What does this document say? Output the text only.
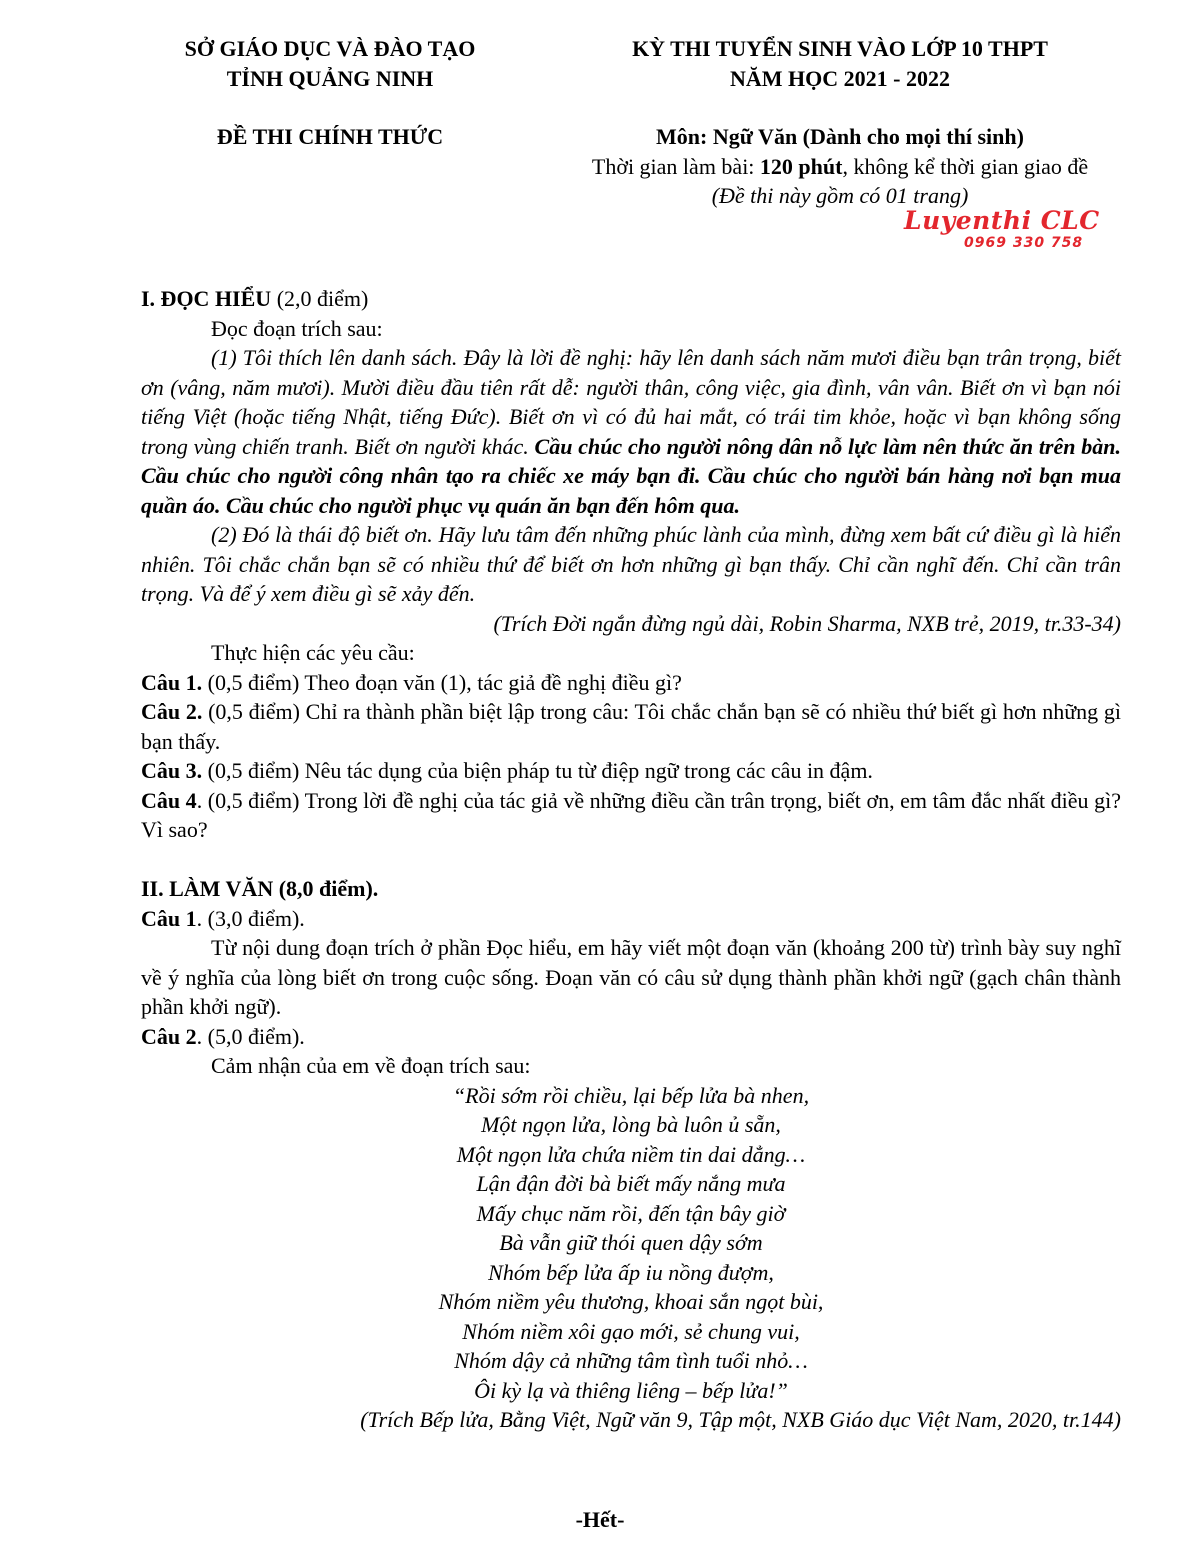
SỞ GIÁO DỤC VÀ ĐÀO TẠO
TỈNH QUẢNG NINH
KỲ THI TUYỂN SINH VÀO LỚP 10 THPT
NĂM HỌC 2021 - 2022
ĐỀ THI CHÍNH THỨC	Môn: Ngữ Văn (Dành cho mọi thí sinh)
Thời gian làm bài: 120 phút, không kể thời gian giao đề
(Đề thi này gồm có 01 trang)
Luyenthi CLC
0969 330 758

I. ĐỌC HIỂU (2,0 điểm)

Đọc đoạn trích sau:

(1) Tôi thích lên danh sách. Đây là lời đề nghị: hãy lên danh sách năm mươi điều bạn trân trọng, biết ơn (vâng, năm mươi). Mười điều đầu tiên rất dễ: người thân, công việc, gia đình, vân vân. Biết ơn vì bạn nói tiếng Việt (hoặc tiếng Nhật, tiếng Đức). Biết ơn vì có đủ hai mắt, có trái tim khỏe, hoặc vì bạn không sống trong vùng chiến tranh. Biết ơn người khác. Cầu chúc cho người nông dân nỗ lực làm nên thức ăn trên bàn. Cầu chúc cho người công nhân tạo ra chiếc xe máy bạn đi. Cầu chúc cho người bán hàng nơi bạn mua quần áo. Cầu chúc cho người phục vụ quán ăn bạn đến hôm qua.

(2) Đó là thái độ biết ơn. Hãy lưu tâm đến những phúc lành của mình, đừng xem bất cứ điều gì là hiển nhiên. Tôi chắc chắn bạn sẽ có nhiều thứ để biết ơn hơn những gì bạn thấy. Chỉ cần nghĩ đến. Chỉ cần trân trọng. Và để ý xem điều gì sẽ xảy đến.

(Trích Đời ngắn đừng ngủ dài, Robin Sharma, NXB trẻ, 2019, tr.33-34)

Thực hiện các yêu cầu:

Câu 1. (0,5 điểm) Theo đoạn văn (1), tác giả đề nghị điều gì?

Câu 2. (0,5 điểm) Chỉ ra thành phần biệt lập trong câu: Tôi chắc chắn bạn sẽ có nhiều thứ biết gì hơn những gì bạn thấy.

Câu 3. (0,5 điểm) Nêu tác dụng của biện pháp tu từ điệp ngữ trong các câu in đậm.

Câu 4. (0,5 điểm) Trong lời đề nghị của tác giả về những điều cần trân trọng, biết ơn, em tâm đắc nhất điều gì? Vì sao?

II. LÀM VĂN (8,0 điểm).

Câu 1. (3,0 điểm).

Từ nội dung đoạn trích ở phần Đọc hiểu, em hãy viết một đoạn văn (khoảng 200 từ) trình bày suy nghĩ về ý nghĩa của lòng biết ơn trong cuộc sống. Đoạn văn có câu sử dụng thành phần khởi ngữ (gạch chân thành phần khởi ngữ).

Câu 2. (5,0 điểm).

Cảm nhận của em về đoạn trích sau:

“Rồi sớm rồi chiều, lại bếp lửa bà nhen,
Một ngọn lửa, lòng bà luôn ủ sẵn,
Một ngọn lửa chứa niềm tin dai dẳng…
Lận đận đời bà biết mấy nắng mưa
Mấy chục năm rồi, đến tận bây giờ
Bà vẫn giữ thói quen dậy sớm
Nhóm bếp lửa ấp iu nồng đượm,
Nhóm niềm yêu thương, khoai sắn ngọt bùi,
Nhóm niềm xôi gạo mới, sẻ chung vui,
Nhóm dậy cả những tâm tình tuổi nhỏ…
Ôi kỳ lạ và thiêng liêng – bếp lửa!”

(Trích Bếp lửa, Bằng Việt, Ngữ văn 9, Tập một, NXB Giáo dục Việt Nam, 2020, tr.144)

-Hết-
